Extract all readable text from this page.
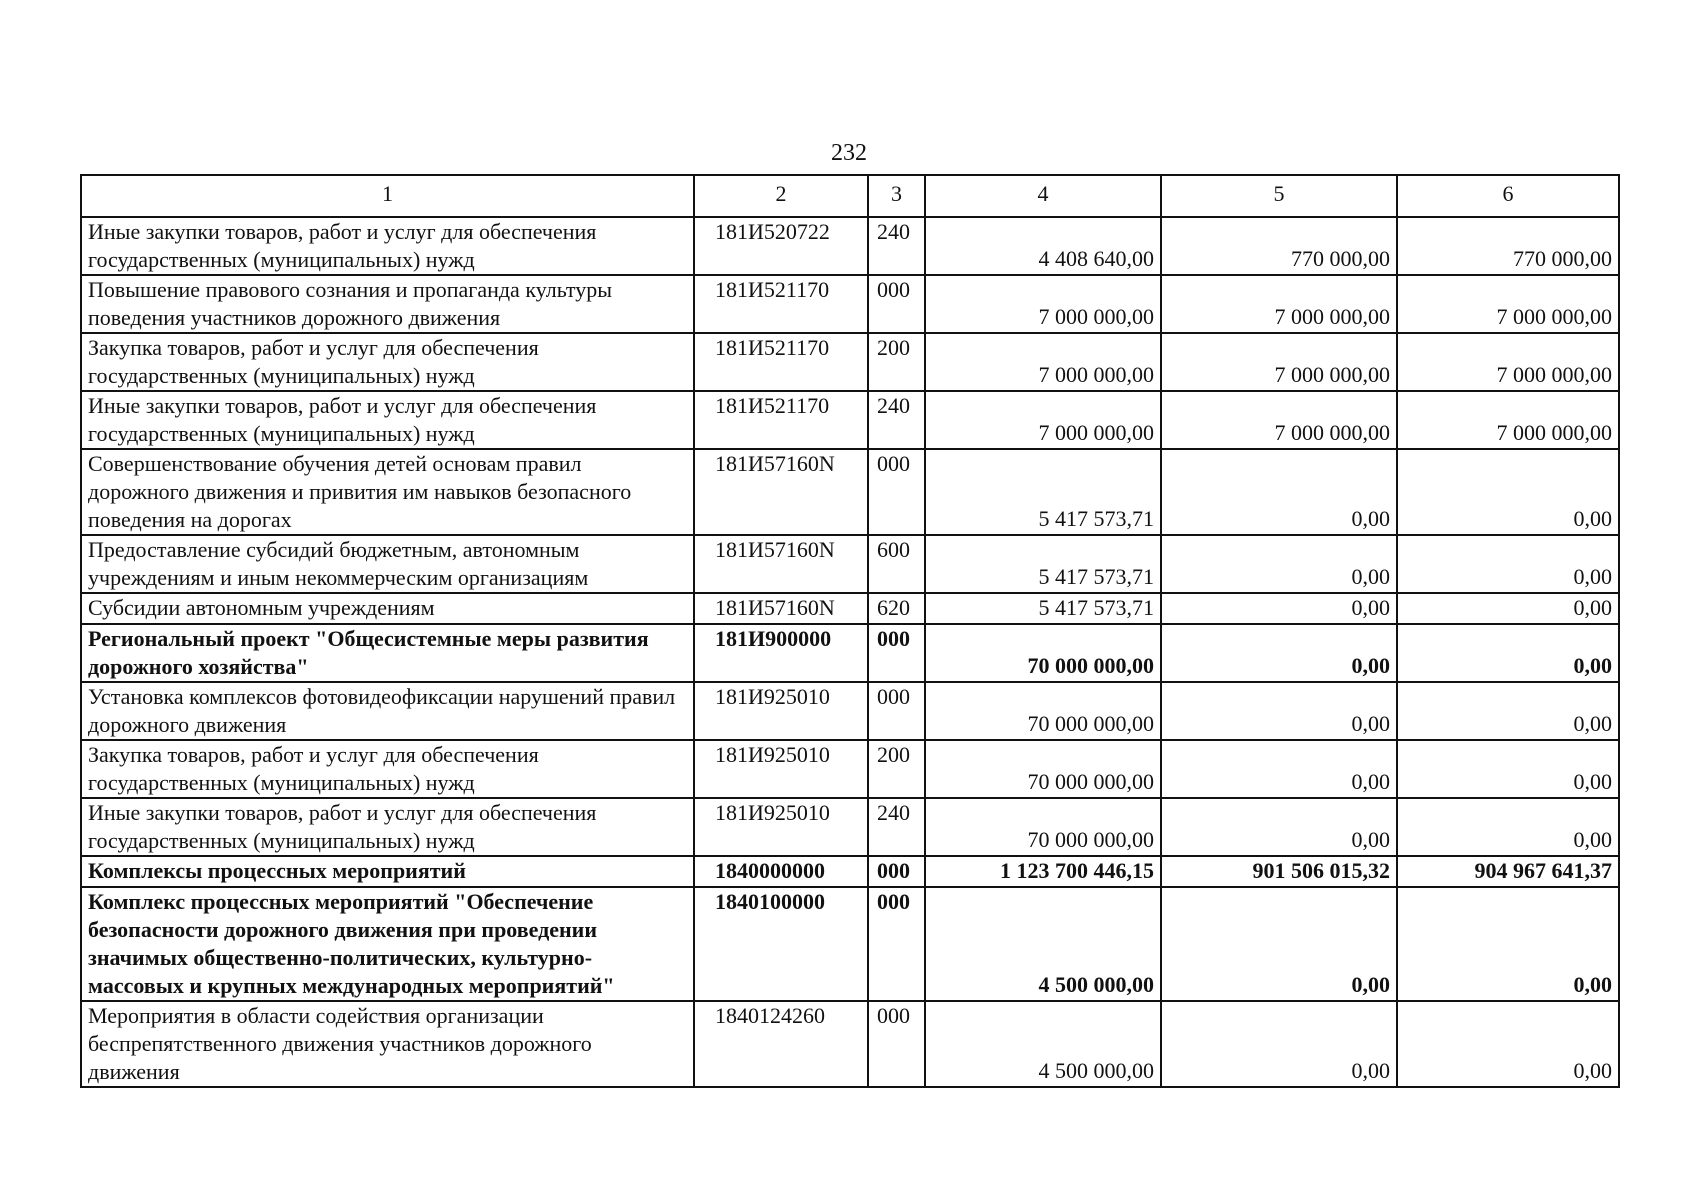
232
1	2	3	4	5	6
Иные закупки товаров, работ и услуг для обеспечения государственных (муниципальных) нужд	181И520722	240	4 408 640,00	770 000,00	770 000,00
Повышение правового сознания и пропаганда культуры поведения участников дорожного движения	181И521170	000	7 000 000,00	7 000 000,00	7 000 000,00
Закупка товаров, работ и услуг для обеспечения государственных (муниципальных) нужд	181И521170	200	7 000 000,00	7 000 000,00	7 000 000,00
Иные закупки товаров, работ и услуг для обеспечения государственных (муниципальных) нужд	181И521170	240	7 000 000,00	7 000 000,00	7 000 000,00
Совершенствование обучения детей основам правил дорожного движения и привития им навыков безопасного поведения на дорогах	181И57160N	000	5 417 573,71	0,00	0,00
Предоставление субсидий бюджетным, автономным учреждениям и иным некоммерческим организациям	181И57160N	600	5 417 573,71	0,00	0,00
Субсидии автономным учреждениям	181И57160N	620	5 417 573,71	0,00	0,00
Региональный проект "Общесистемные меры развития дорожного хозяйства"	181И900000	000	70 000 000,00	0,00	0,00
Установка комплексов фотовидеофиксации нарушений правил дорожного движения	181И925010	000	70 000 000,00	0,00	0,00
Закупка товаров, работ и услуг для обеспечения государственных (муниципальных) нужд	181И925010	200	70 000 000,00	0,00	0,00
Иные закупки товаров, работ и услуг для обеспечения государственных (муниципальных) нужд	181И925010	240	70 000 000,00	0,00	0,00
Комплексы процессных мероприятий	1840000000	000	1 123 700 446,15	901 506 015,32	904 967 641,37
Комплекс процессных мероприятий "Обеспечение безопасности дорожного движения при проведении значимых общественно-политических, культурно-массовых и крупных международных мероприятий"	1840100000	000	4 500 000,00	0,00	0,00
Мероприятия в области содействия организации беспрепятственного движения участников дорожного движения	1840124260	000	4 500 000,00	0,00	0,00
